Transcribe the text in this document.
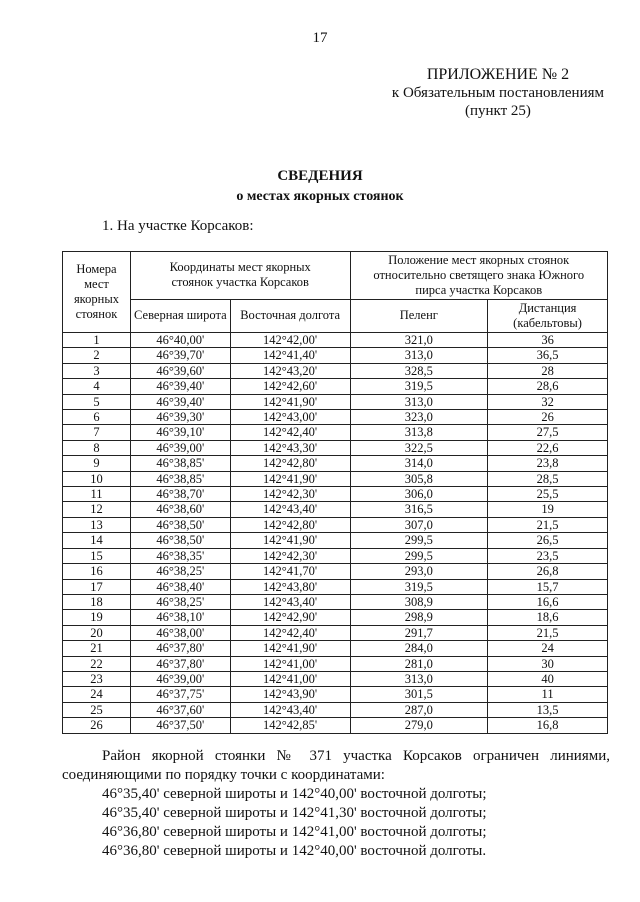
17
ПРИЛОЖЕНИЕ № 2
к Обязательным постановлениям
(пункт 25)
СВЕДЕНИЯ
о местах якорных стоянок
1. На участке Корсаков:
Номера мест якорных стоянок	Координаты мест якорных стоянок участка Корсаков		Положение мест якорных стоянок относительно светящего знака Южного пирса участка Корсаков	
	Северная широта	Восточная долгота	Пеленг	Дистанция (кабельтовы)
1	46°40,00'	142°42,00'	321,0	36
2	46°39,70'	142°41,40'	313,0	36,5
3	46°39,60'	142°43,20'	328,5	28
4	46°39,40'	142°42,60'	319,5	28,6
5	46°39,40'	142°41,90'	313,0	32
6	46°39,30'	142°43,00'	323,0	26
7	46°39,10'	142°42,40'	313,8	27,5
8	46°39,00'	142°43,30'	322,5	22,6
9	46°38,85'	142°42,80'	314,0	23,8
10	46°38,85'	142°41,90'	305,8	28,5
11	46°38,70'	142°42,30'	306,0	25,5
12	46°38,60'	142°43,40'	316,5	19
13	46°38,50'	142°42,80'	307,0	21,5
14	46°38,50'	142°41,90'	299,5	26,5
15	46°38,35'	142°42,30'	299,5	23,5
16	46°38,25'	142°41,70'	293,0	26,8
17	46°38,40'	142°43,80'	319,5	15,7
18	46°38,25'	142°43,40'	308,9	16,6
19	46°38,10'	142°42,90'	298,9	18,6
20	46°38,00'	142°42,40'	291,7	21,5
21	46°37,80'	142°41,90'	284,0	24
22	46°37,80'	142°41,00'	281,0	30
23	46°39,00'	142°41,00'	313,0	40
24	46°37,75'	142°43,90'	301,5	11
25	46°37,60'	142°43,40'	287,0	13,5
26	46°37,50'	142°42,85'	279,0	16,8
Район якорной стоянки № 371 участка Корсаков ограничен линиями, соединяющими по порядку точки с координатами:
46°35,40' северной широты и 142°40,00' восточной долготы;
46°35,40' северной широты и 142°41,30' восточной долготы;
46°36,80' северной широты и 142°41,00' восточной долготы;
46°36,80' северной широты и 142°40,00' восточной долготы.
